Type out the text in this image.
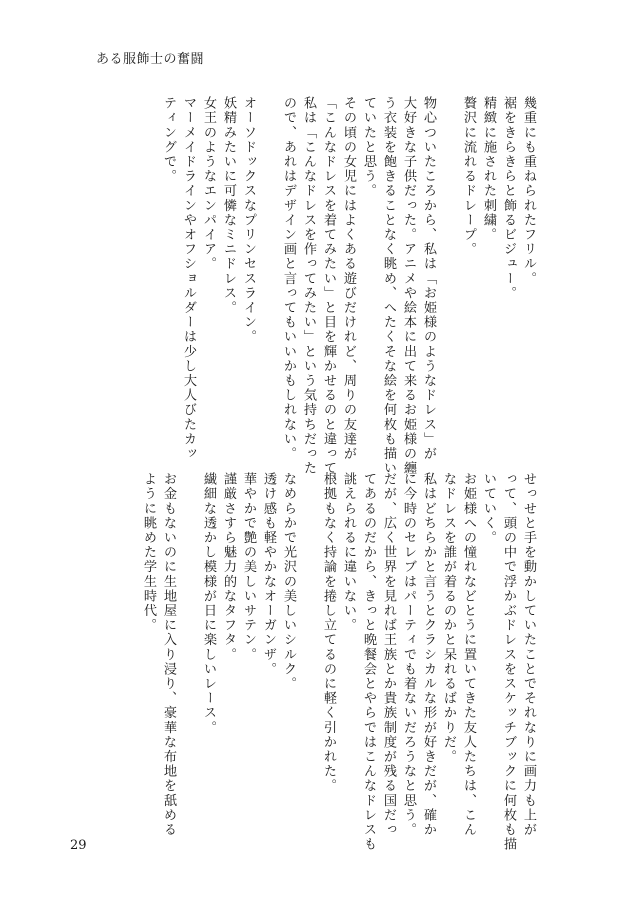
ある服飾士の奮闘
幾重にも重ねられたフリル。
裾をきらきらと飾るビジュー。
精緻に施された刺繍。
贅沢に流れるドレープ。
物心ついたころから、私は「お姫様のようなドレス」が
大好きな子供だった。アニメや絵本に出て来るお姫様の纏
う衣装を飽きることなく眺め、へたくそな絵を何枚も描い
ていたと思う。
その頃の女児にはよくある遊びだけれど、周りの友達が
「こんなドレスを着てみたい」と目を輝かせるのと違って、
私は「こんなドレスを作ってみたい」という気持ちだった
ので、あれはデザイン画と言ってもいいかもしれない。
オーソドックスなプリンセスライン。
妖精みたいに可憐なミニドレス。
女王のようなエンパイア。
マーメイドラインやオフショルダーは少し大人びたカッ
ティングで。
せっせと手を動かしていたことでそれなりに画力も上が
って、頭の中で浮かぶドレスをスケッチブックに何枚も描
いていく。
お姫様への憧れなどとうに置いてきた友人たちは、こん
なドレスを誰が着るのかと呆れるばかりだ。
私はどちらかと言うとクラシカルな形が好きだが、確か
に今時のセレブはパーティでも着ないだろうなと思う。
だが、広く世界を見れば王族とか貴族制度が残る国だっ
てあるのだから、きっと晩餐会とやらではこんなドレスも
誂えられるに違いない。
根拠もなく持論を捲し立てるのに軽く引かれた。
なめらかで光沢の美しいシルク。
透け感も軽やかなオーガンザ。
華やかで艶の美しいサテン。
謹厳さすら魅力的なタフタ。
繊細な透かし模様が日に楽しいレース。
お金もないのに生地屋に入り浸り、豪華な布地を舐める
ように眺めた学生時代。
29
